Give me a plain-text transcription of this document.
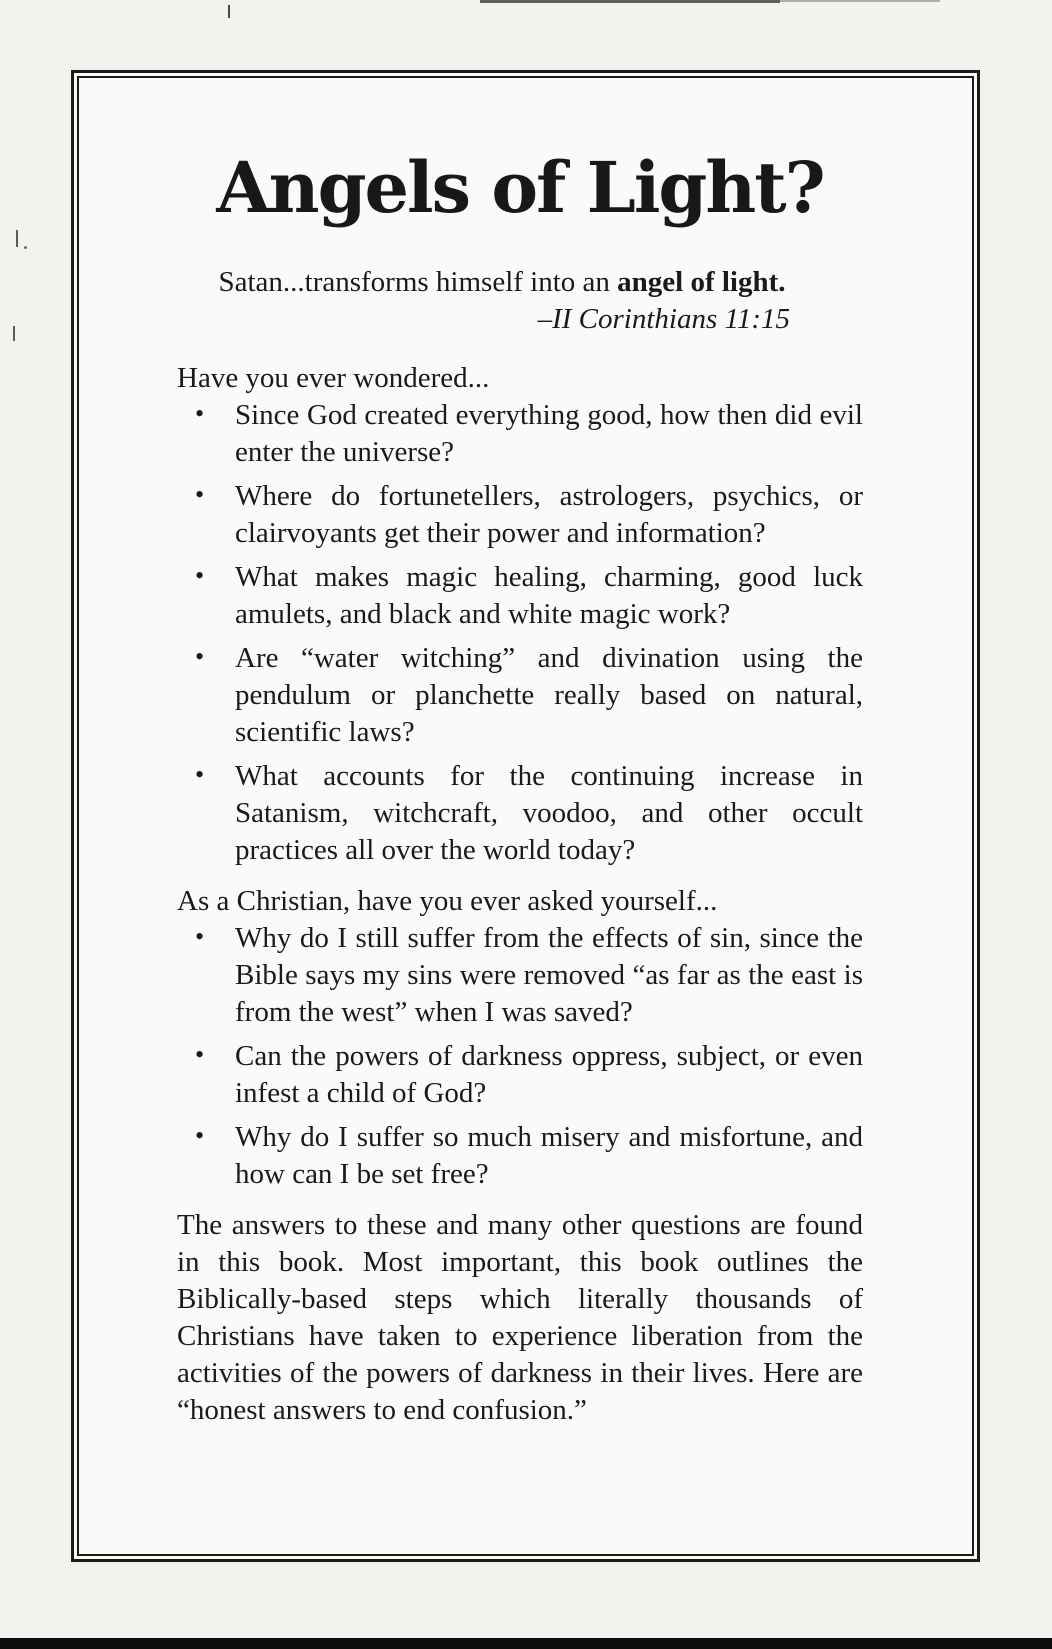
Angels of Light?
Satan...transforms himself into an angel of light.
–II Corinthians 11:15

Have you ever wondered...

• Since God created everything good, how then did evil enter the universe?
• Where do fortunetellers, astrologers, psychics, or clairvoyants get their power and information?
• What makes magic healing, charming, good luck amulets, and black and white magic work?
• Are “water witching” and divination using the pendulum or planchette really based on natural, scientific laws?
• What accounts for the continuing increase in Satanism, witchcraft, voodoo, and other occult practices all over the world today?

As a Christian, have you ever asked yourself...

• Why do I still suffer from the effects of sin, since the Bible says my sins were removed “as far as the east is from the west” when I was saved?
• Can the powers of darkness oppress, subject, or even infest a child of God?
• Why do I suffer so much misery and misfortune, and how can I be set free?

The answers to these and many other questions are found in this book. Most important, this book outlines the Biblically-based steps which literally thousands of Christians have taken to experience liberation from the activities of the powers of darkness in their lives. Here are “honest answers to end confusion.”
